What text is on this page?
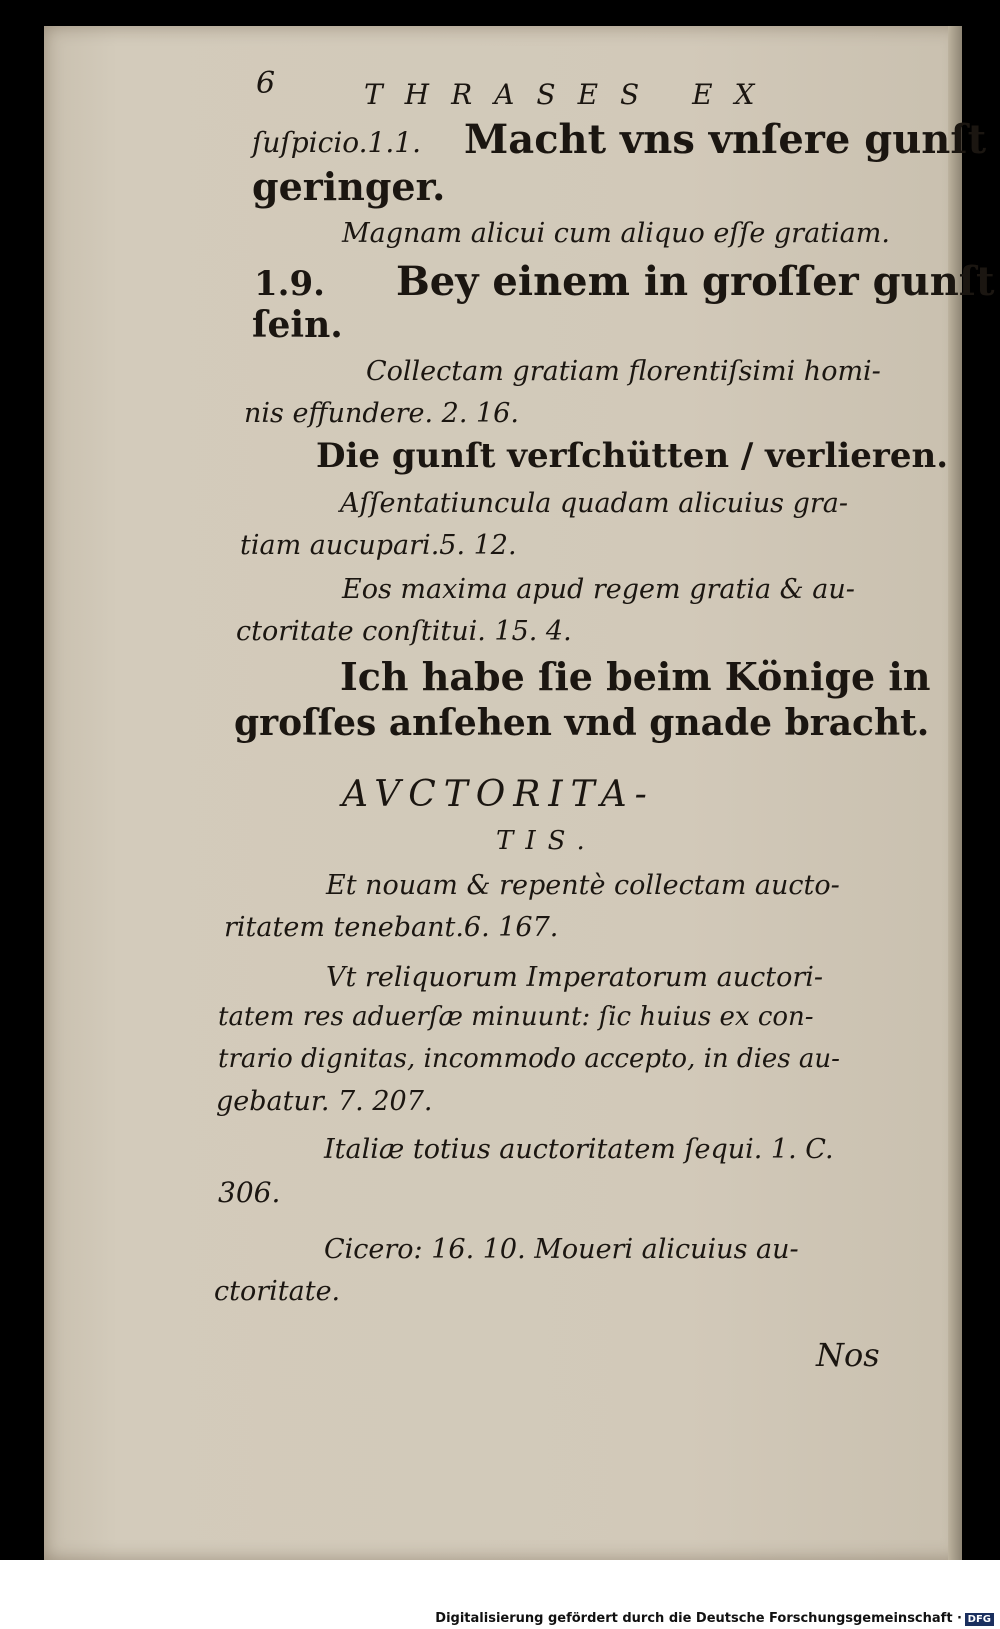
6	THRASES EX
ſuſpicio.1.1. Macht vns vnſere gunſt
geringer.
Magnam alicui cum aliquo eſſe gratiam.
1.9. Bey einem in groſſer gunſt
ſein.
Collectam gratiam florentiſsimi homi-
nis effundere. 2. 16.
Die gunſt verſchütten / verlieren.
Aſſentatiuncula quadam alicuius gra-
tiam aucupari.5. 12.
Eos maxima apud regem gratia & au-
ctoritate conſtitui. 15. 4.
Ich habe ſie beim Könige in
groſſes anſehen vnd gnade bracht.
AVCTORITA-
TIS.
Et nouam & repentè collectam aucto-
ritatem tenebant.6. 167.
Vt reliquorum Imperatorum auctori-
tatem res aduerſæ minuunt: ſic huius ex con-
trario dignitas, incommodo accepto, in dies au-
gebatur. 7. 207.
Italiæ totius auctoritatem ſequi. 1. C.
306.
Cicero: 16. 10. Moueri alicuius au-
ctoritate.
Nos
Digitalisierung gefördert durch die Deutsche Forschungsgemeinschaft · DFG
